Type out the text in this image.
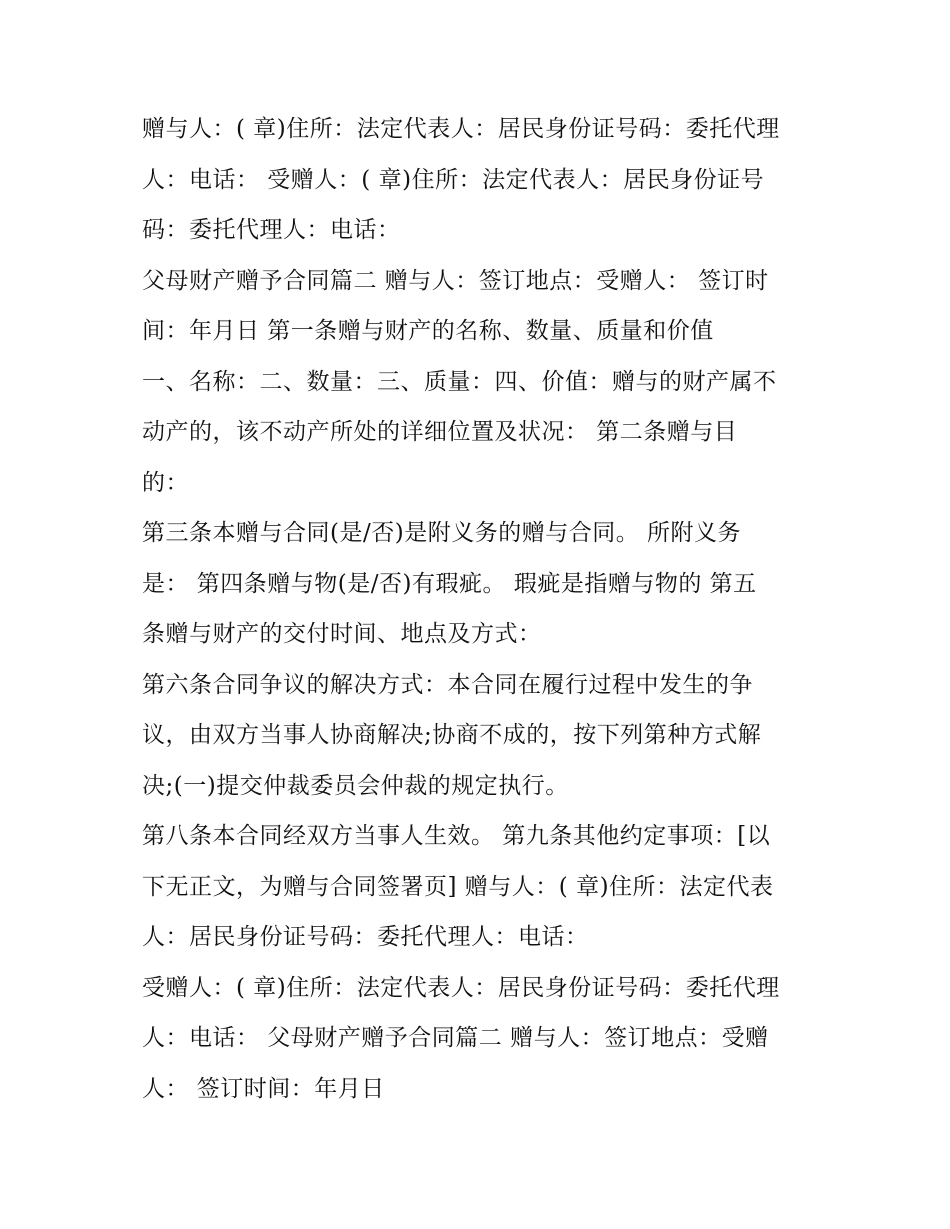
赠与人：( 章)住所：法定代表人：居民身份证号码：委托代理
人：电话： 受赠人：( 章)住所：法定代表人：居民身份证号
码：委托代理人：电话：
父母财产赠予合同篇二 赠与人：签订地点：受赠人： 签订时
间：年月日 第一条赠与财产的名称、数量、质量和价值
一、名称：二、数量：三、质量：四、价值：赠与的财产属不
动产的，该不动产所处的详细位置及状况： 第二条赠与目
的：
第三条本赠与合同(是/否)是附义务的赠与合同。 所附义务
是： 第四条赠与物(是/否)有瑕疵。 瑕疵是指赠与物的 第五
条赠与财产的交付时间、地点及方式：
第六条合同争议的解决方式：本合同在履行过程中发生的争
议，由双方当事人协商解决;协商不成的，按下列第种方式解
决;(一)提交仲裁委员会仲裁的规定执行。
第八条本合同经双方当事人生效。 第九条其他约定事项：[以
下无正文，为赠与合同签署页] 赠与人：( 章)住所：法定代表
人：居民身份证号码：委托代理人：电话：
受赠人：( 章)住所：法定代表人：居民身份证号码：委托代理
人：电话： 父母财产赠予合同篇二 赠与人：签订地点：受赠
人： 签订时间：年月日
